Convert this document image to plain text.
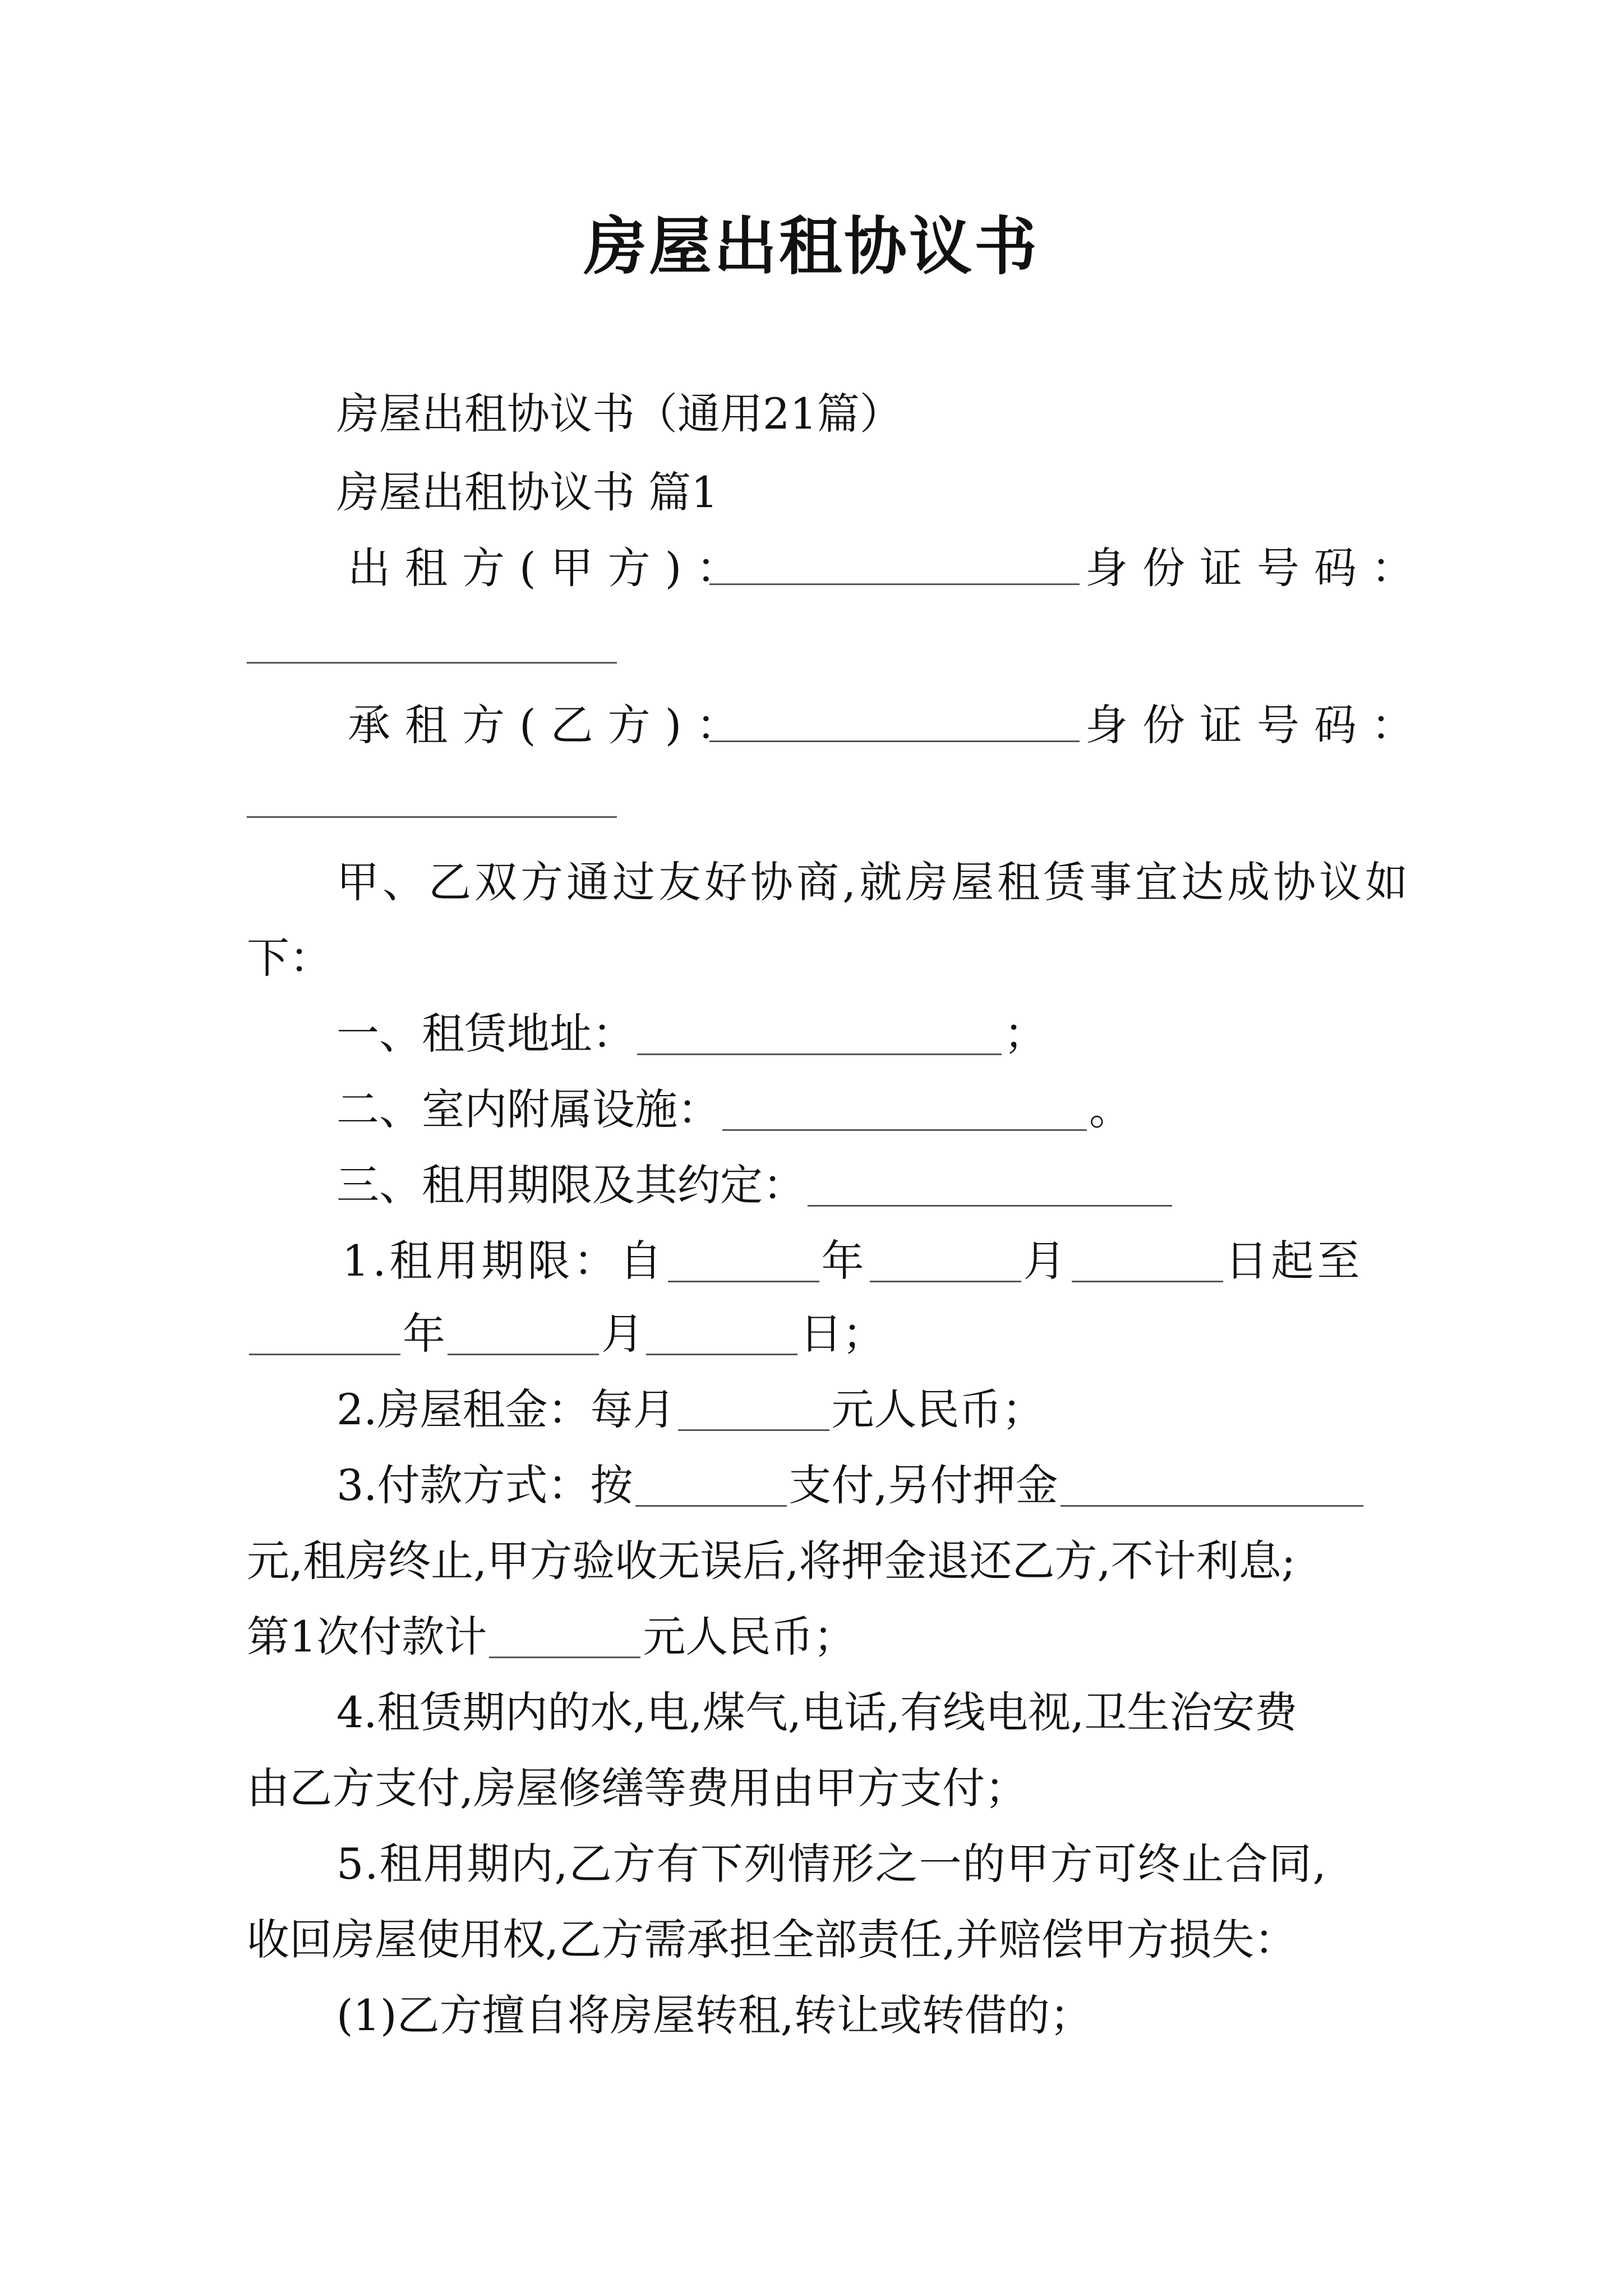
房屋出租协议书
房屋出租协议书（通用21篇）
房屋出租协议书 篇1
出租方(甲方)：	身份证号码：
承租方(乙方)：	身份证号码：
甲、乙双方通过友好协商,就房屋租赁事宜达成协议如
下：
一、租赁地址：	；
二、室内附属设施：	。
三、租用期限及其约定：
1.租用期限：自	年	月	日起至
年	月	日；
2.房屋租金：每月	元人民币；
3.付款方式：按	支付,另付押金
元,租房终止,甲方验收无误后,将押金退还乙方,不计利息;
第1次付款计	元人民币；
4.租赁期内的水,电,煤气,电话,有线电视,卫生治安费
由乙方支付,房屋修缮等费用由甲方支付；
5.租用期内,乙方有下列情形之一的甲方可终止合同,
收回房屋使用权,乙方需承担全部责任,并赔偿甲方损失：
(1)乙方擅自将房屋转租,转让或转借的；
